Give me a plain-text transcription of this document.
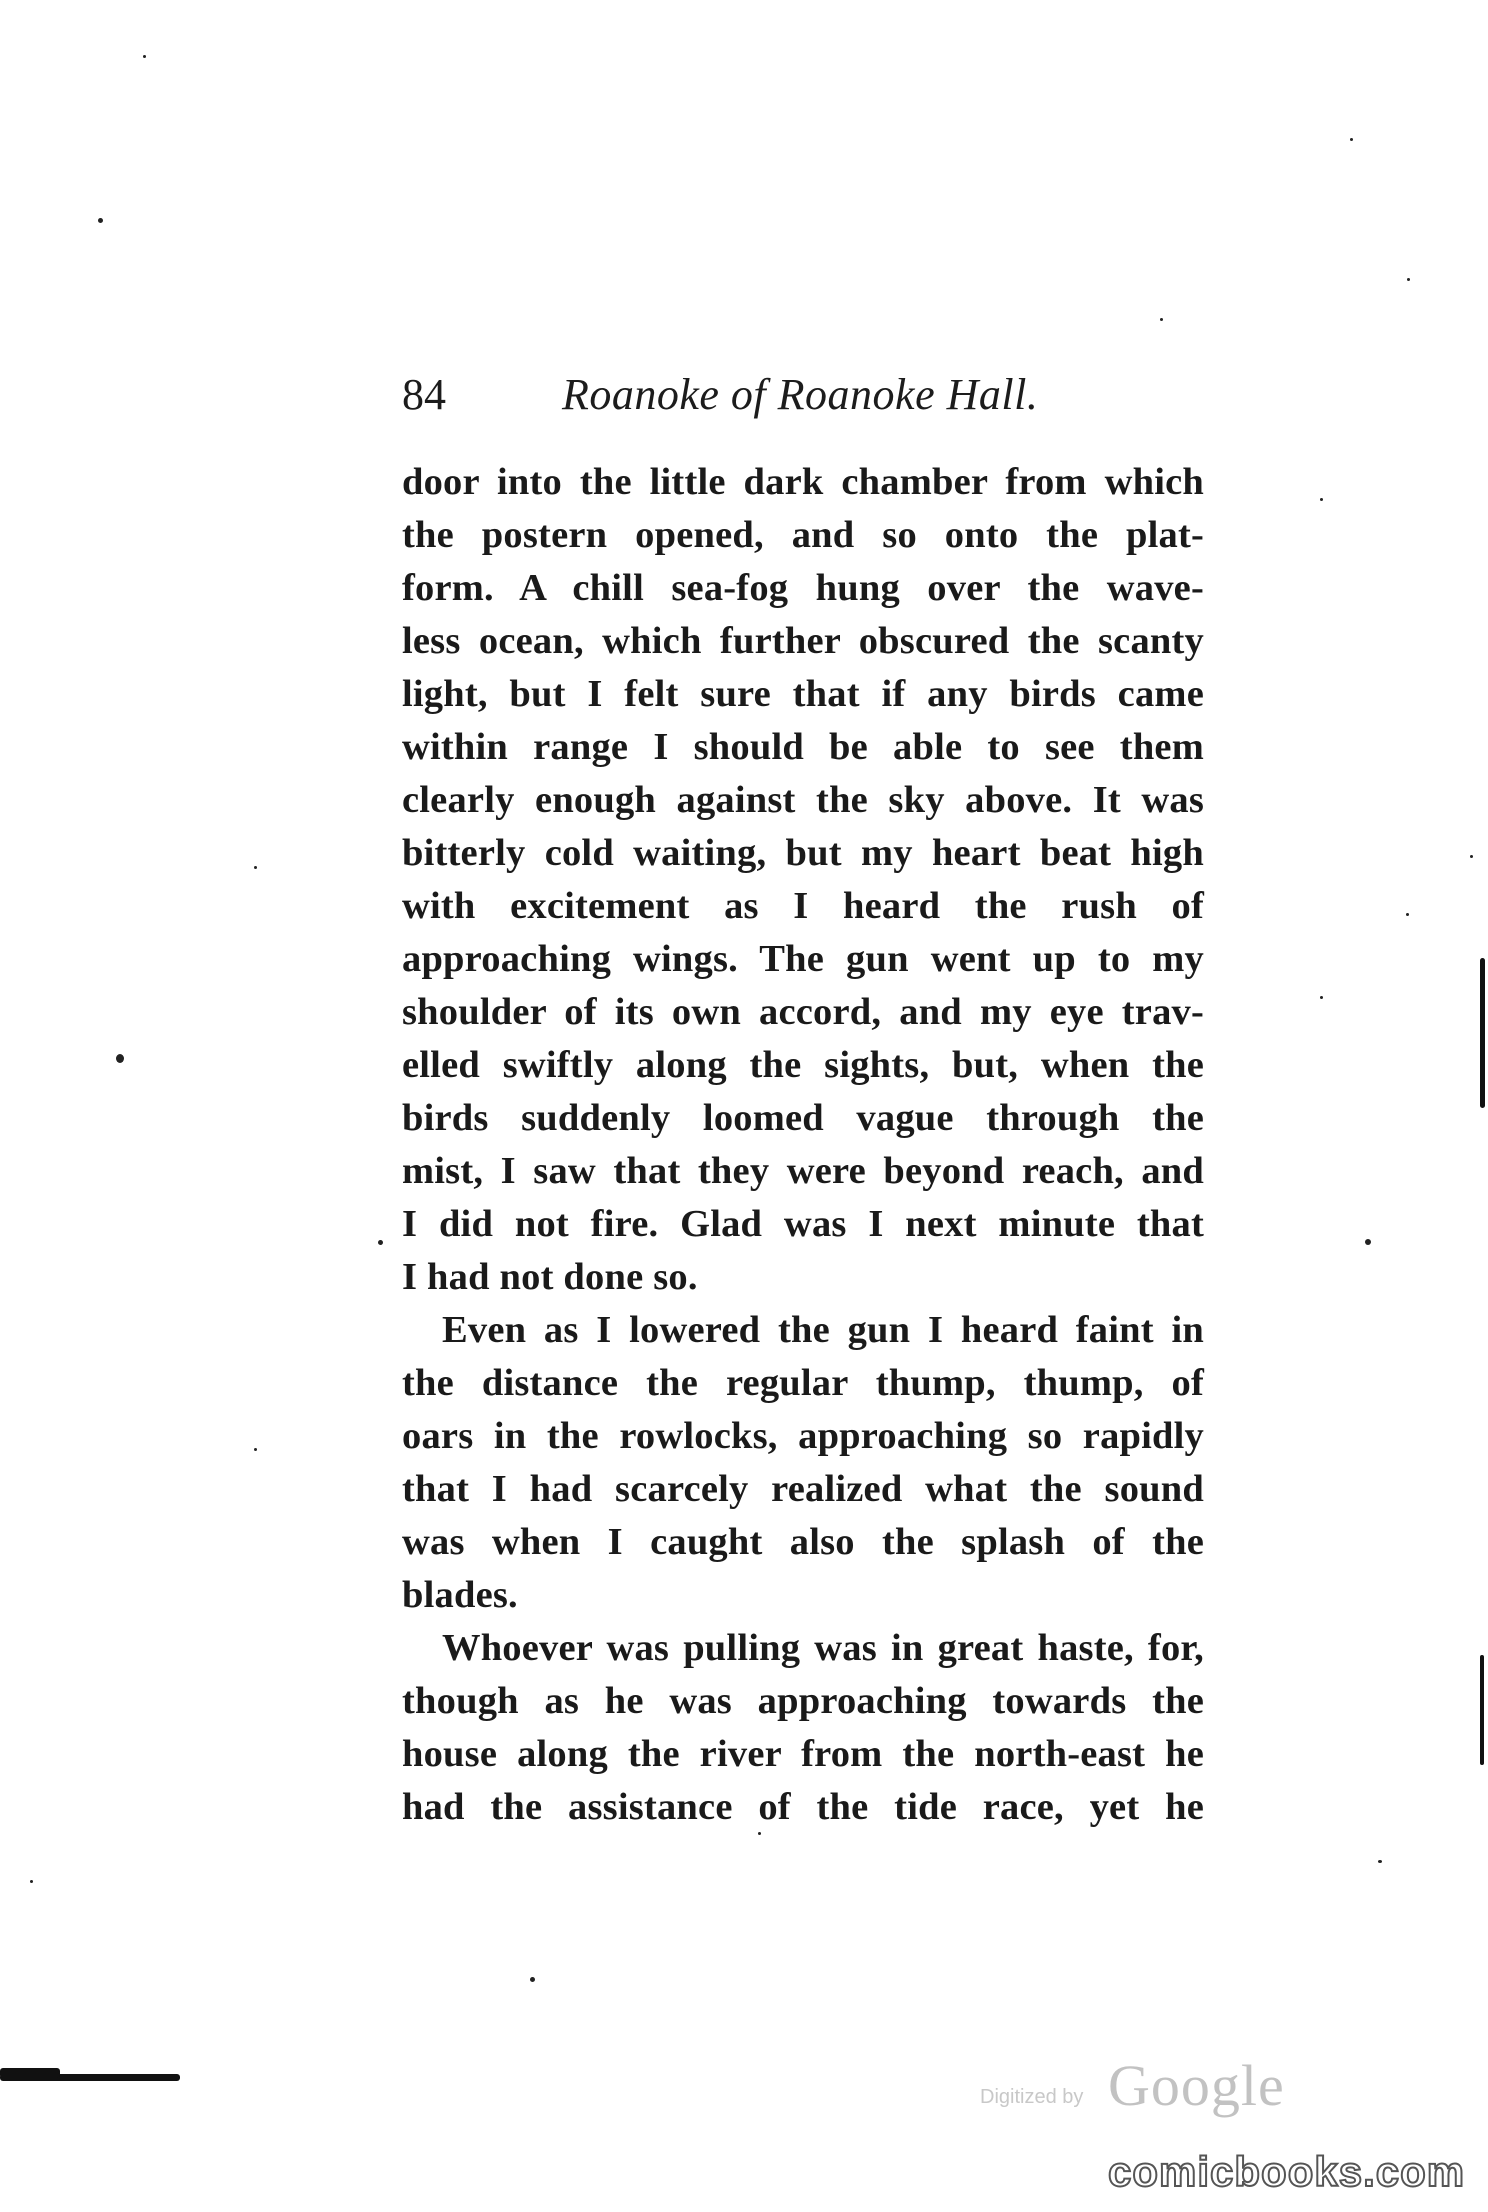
84	Roanoke of Roanoke Hall.
door into the little dark chamber from which
the postern opened, and so onto the plat-
form. A chill sea-fog hung over the wave-
less ocean, which further obscured the scanty
light, but I felt sure that if any birds came
within range I should be able to see them
clearly enough against the sky above. It was
bitterly cold waiting, but my heart beat high
with excitement as I heard the rush of
approaching wings. The gun went up to my
shoulder of its own accord, and my eye trav-
elled swiftly along the sights, but, when the
birds suddenly loomed vague through the
mist, I saw that they were beyond reach, and
I did not fire. Glad was I next minute that
I had not done so.
Even as I lowered the gun I heard faint in
the distance the regular thump, thump, of
oars in the rowlocks, approaching so rapidly
that I had scarcely realized what the sound
was when I caught also the splash of the
blades.
Whoever was pulling was in great haste, for,
though as he was approaching towards the
house along the river from the north-east he
had the assistance of the tide race, yet he
Digitized by Google
comicbooks.com
